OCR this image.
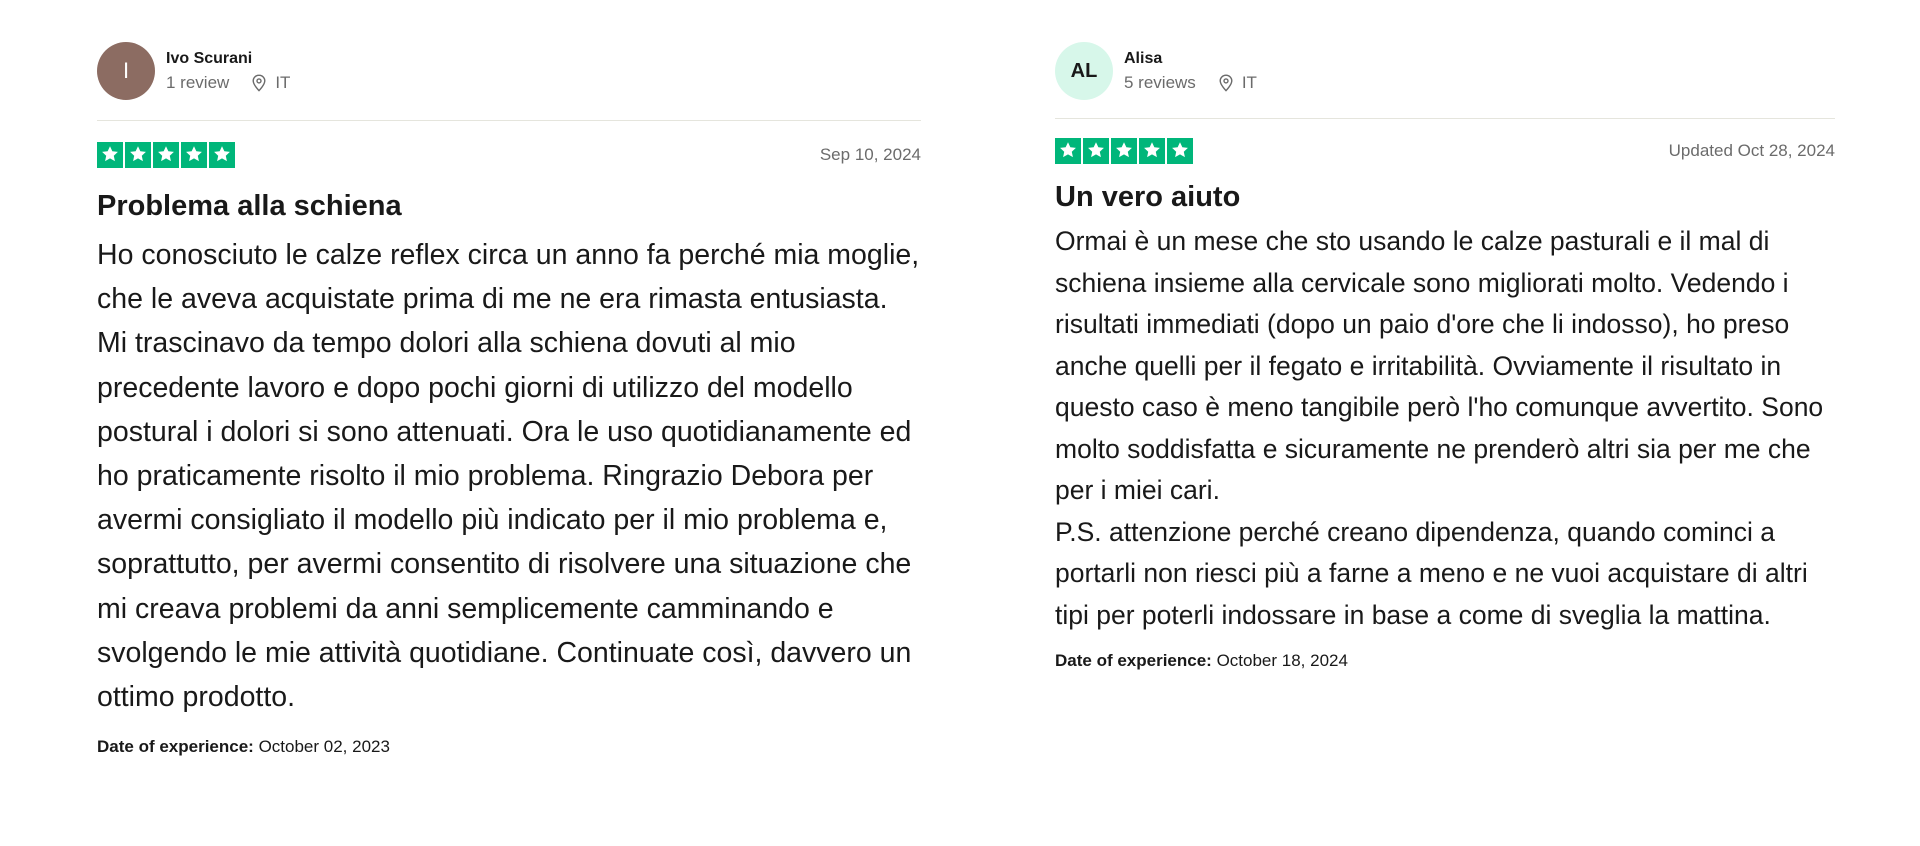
I	Ivo Scurani
1 review	IT
Sep 10, 2024
Problema alla schiena
Ho conosciuto le calze reflex circa un anno fa perché mia moglie, che le aveva acquistate prima di me ne era rimasta entusiasta. Mi trascinavo da tempo dolori alla schiena dovuti al mio precedente lavoro e dopo pochi giorni di utilizzo del modello postural i dolori si sono attenuati. Ora le uso quotidianamente ed ho praticamente risolto il mio problema. Ringrazio Debora per avermi consigliato il modello più indicato per il mio problema e, soprattutto, per avermi consentito di risolvere una situazione che mi creava problemi da anni semplicemente camminando e svolgendo le mie attività quotidiane. Continuate così, davvero un ottimo prodotto.
Date of experience: October 02, 2023
AL
Alisa
5 reviews	IT
Updated Oct 28, 2024
Un vero aiuto
Ormai è un mese che sto usando le calze pasturali e il mal di schiena insieme alla cervicale sono migliorati molto. Vedendo i risultati immediati (dopo un paio d'ore che li indosso), ho preso anche quelli per il fegato e irritabilità. Ovviamente il risultato in questo caso è meno tangibile però l'ho comunque avvertito. Sono molto soddisfatta e sicuramente ne prenderò altri sia per me che per i miei cari.
P.S. attenzione perché creano dipendenza, quando cominci a portarli non riesci più a farne a meno e ne vuoi acquistare di altri tipi per poterli indossare in base a come di sveglia la mattina.
Date of experience: October 18, 2024
